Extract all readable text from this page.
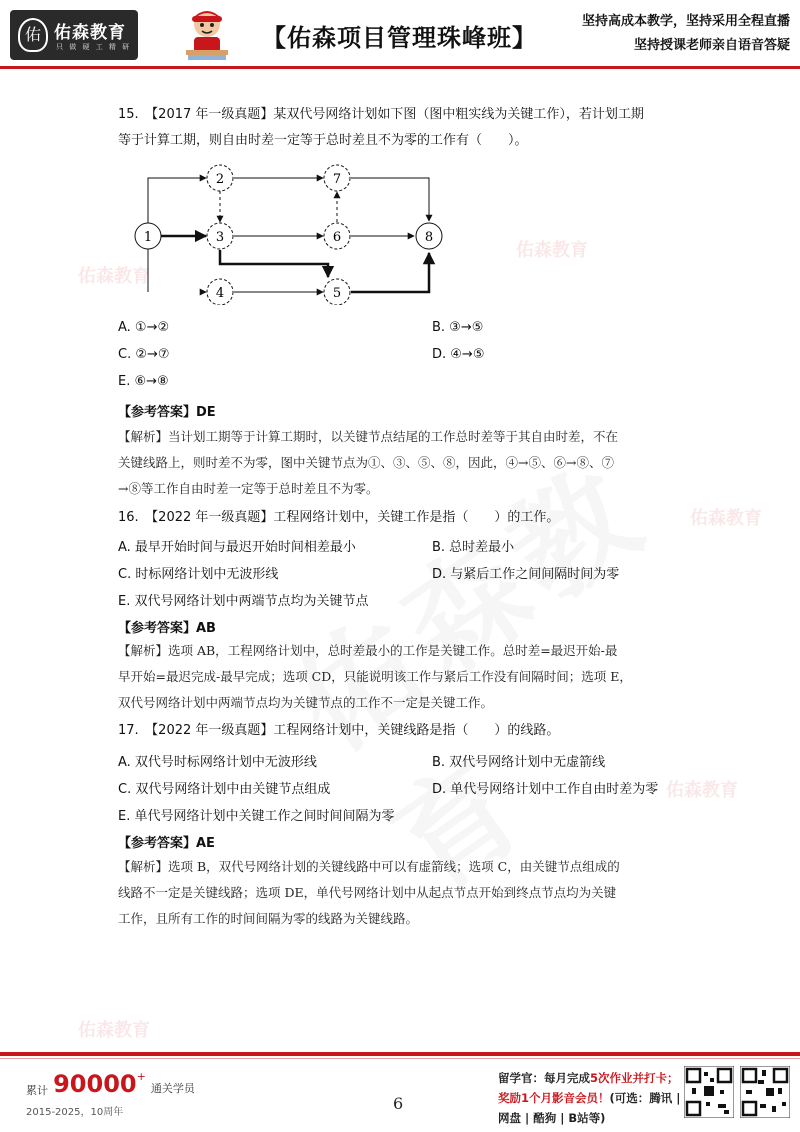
佑 佑森教育
只 做 硬 工 精 研	【佑森项目管理珠峰班】
坚持高成本教学，坚持采用全程直播
坚持授课老师亲自语音答疑
佑森教育
佑森教育
佑森教育
佑森教育
佑森教育
15.　【2017 年一级真题】某双代号网络计划如下图（图中粗实线为关键工作），若计划工期
等于计算工期，则自由时差一定等于总时差且不为零的工作有（　　）。
1
2
3
4	5
6
7
8
A. ①→②	B. ③→⑤
C. ②→⑦	D. ④→⑤
E. ⑥→⑧
【参考答案】DE
【解析】当计划工期等于计算工期时，以关键节点结尾的工作总时差等于其自由时差，不在
关键线路上，则时差不为零，图中关键节点为①、③、⑤、⑧，因此，④→⑤、⑥→⑧、⑦
→⑧等工作自由时差一定等于总时差且不为零。
16.　【2022 年一级真题】工程网络计划中，关键工作是指（　　）的工作。
A. 最早开始时间与最迟开始时间相差最小	B. 总时差最小
C. 时标网络计划中无波形线	D. 与紧后工作之间间隔时间为零
E. 双代号网络计划中两端节点均为关键节点
【参考答案】AB
【解析】选项 AB，工程网络计划中，总时差最小的工作是关键工作。总时差=最迟开始-最
早开始=最迟完成-最早完成；选项 CD，只能说明该工作与紧后工作没有间隔时间；选项 E，
双代号网络计划中两端节点均为关键节点的工作不一定是关键工作。
17.　【2022 年一级真题】工程网络计划中，关键线路是指（　　）的线路。
A. 双代号时标网络计划中无波形线	B. 双代号网络计划中无虚箭线
C. 双代号网络计划中由关键节点组成	D. 单代号网络计划中工作自由时差为零
E. 单代号网络计划中关键工作之间时间间隔为零
【参考答案】AE
【解析】选项 B，双代号网络计划的关键线路中可以有虚箭线；选项 C，由关键节点组成的
线路不一定是关键线路；选项 DE，单代号网络计划中从起点节点开始到终点节点均为关键
工作，且所有工作的时间间隔为零的线路为关键线路。
累计 90000+ 通关学员
2015-2025，10周年	6
留学官：每月完成5次作业并打卡；
奖励1个月影音会员！(可选：腾讯 |
网盘 | 酷狗 | B站等)
